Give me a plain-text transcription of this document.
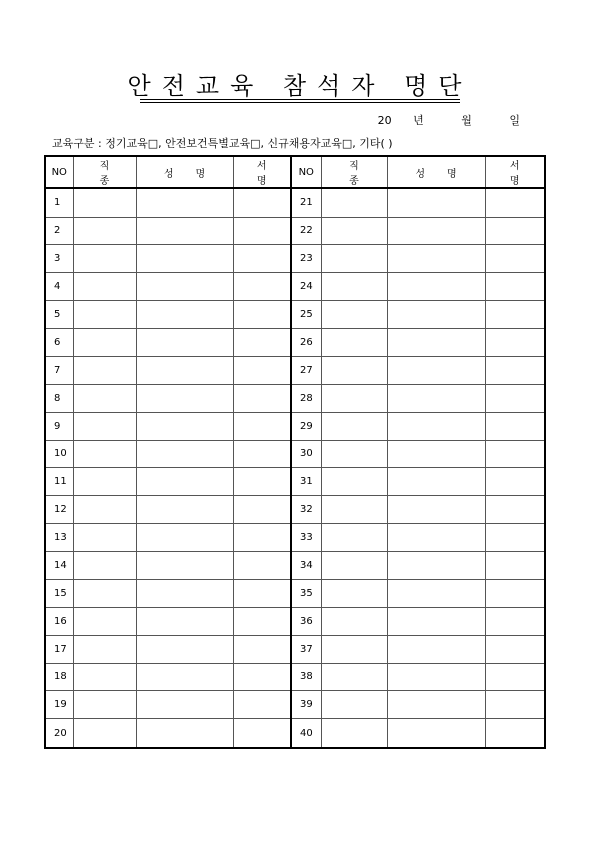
안전교육 참석자 명단
20 년	월	일
교육구분 : 정기교육□, 안전보건특별교육□, 신규채용자교육□, 기타( )
NO	직종	성명	서명	NO	직종	성명	서명
1				21			
2				22			
3				23			
4				24			
5				25			
6				26			
7				27			
8				28			
9				29			
10				30			
11				31			
12				32			
13				33			
14				34			
15				35			
16				36			
17				37			
18				38			
19				39			
20				40			
